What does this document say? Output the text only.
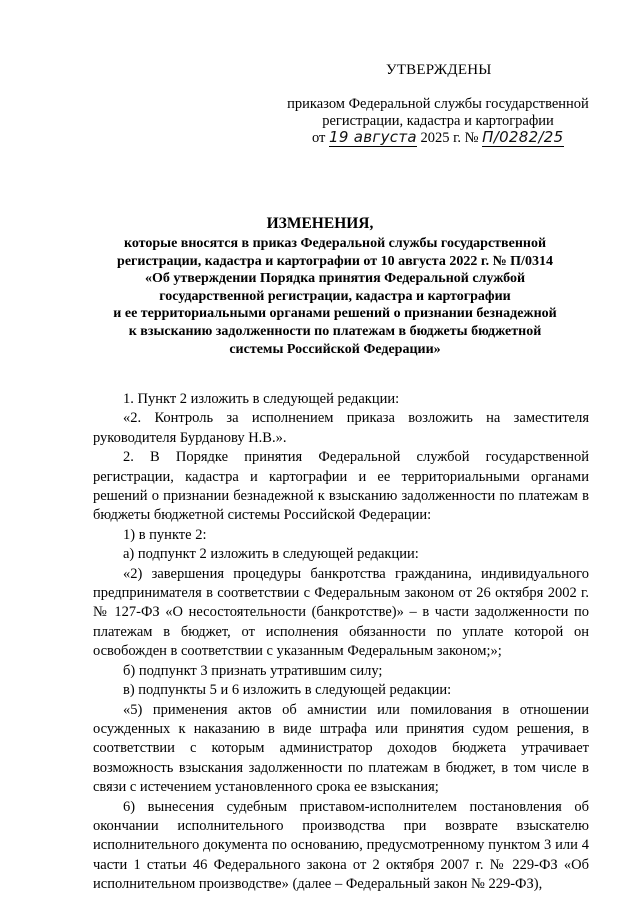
УТВЕРЖДЕНЫ
приказом Федеральной службы государственной
регистрации, кадастра и картографии
от 19 августа 2025 г. № П/0282/25
ИЗМЕНЕНИЯ,
которые вносятся в приказ Федеральной службы государственной
регистрации, кадастра и картографии от 10 августа 2022 г. № П/0314
«Об утверждении Порядка принятия Федеральной службой
государственной регистрации, кадастра и картографии
и ее территориальными органами решений о признании безнадежной
к взысканию задолженности по платежам в бюджеты бюджетной
системы Российской Федерации»

1. Пункт 2 изложить в следующей редакции:

«2. Контроль за исполнением приказа возложить на заместителя руководителя Бурданову Н.В.».

2. В Порядке принятия Федеральной службой государственной регистрации, кадастра и картографии и ее территориальными органами решений о признании безнадежной к взысканию задолженности по платежам в бюджеты бюджетной системы Российской Федерации:

1) в пункте 2:

а) подпункт 2 изложить в следующей редакции:

«2) завершения процедуры банкротства гражданина, индивидуального предпринимателя в соответствии с Федеральным законом от 26 октября 2002 г. № 127-ФЗ «О несостоятельности (банкротстве)» – в части задолженности по платежам в бюджет, от исполнения обязанности по уплате которой он освобожден в соответствии с указанным Федеральным законом;»;

б) подпункт 3 признать утратившим силу;

в) подпункты 5 и 6 изложить в следующей редакции:

«5) применения актов об амнистии или помилования в отношении осужденных к наказанию в виде штрафа или принятия судом решения, в соответствии с которым администратор доходов бюджета утрачивает возможность взыскания задолженности по платежам в бюджет, в том числе в связи с истечением установленного срока ее взыскания;

6) вынесения судебным приставом-исполнителем постановления об окончании исполнительного производства при возврате взыскателю исполнительного документа по основанию, предусмотренному пунктом 3 или 4 части 1 статьи 46 Федерального закона от 2 октября 2007 г. № 229-ФЗ «Об исполнительном производстве» (далее – Федеральный закон № 229-ФЗ),
